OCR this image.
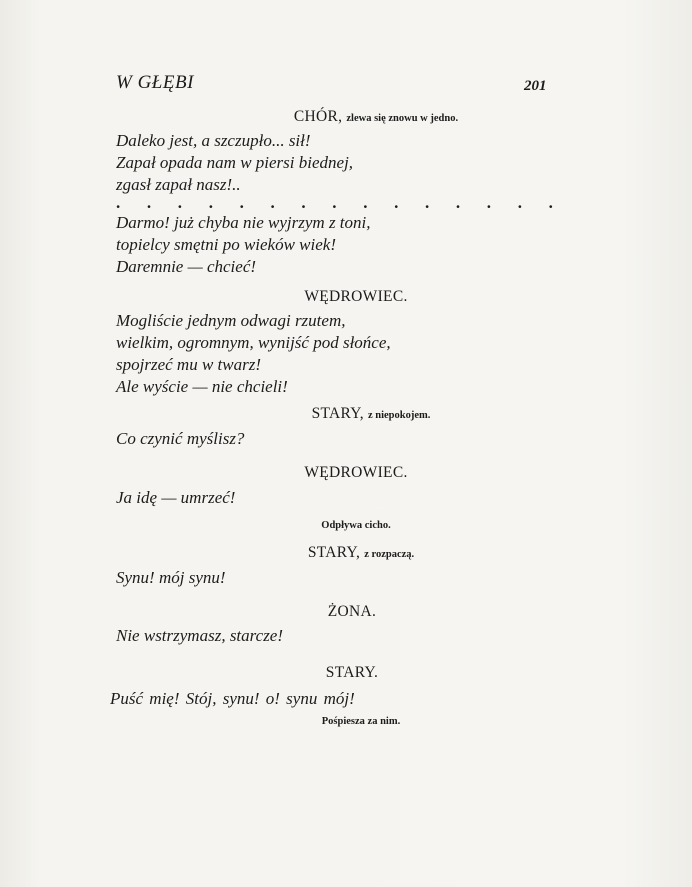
W GŁĘBI	201
CHÓR, zlewa się znowu w jedno.
Daleko jest, a szczupło... sił!
Zapał opada nam w piersi biednej,
zgasł zapał nasz!..
. . . . . . . . . . . . . . .
Darmo! już chyba nie wyjrzym z toni,
topielcy smętni po wieków wiek!
Daremnie — chcieć!
WĘDROWIEC.
Mogliście jednym odwagi rzutem,
wielkim, ogromnym, wynijść pod słońce,
spojrzeć mu w twarz!
Ale wyście — nie chcieli!
STARY, z niepokojem.
Co czynić myślisz?
WĘDROWIEC.
Ja idę — umrzeć!
Odpływa cicho.
STARY, z rozpaczą.
Synu! mój synu!
ŻONA.
Nie wstrzymasz, starcze!
STARY.
Puść mię! Stój, synu! o! synu mój!
Pośpiesza za nim.
